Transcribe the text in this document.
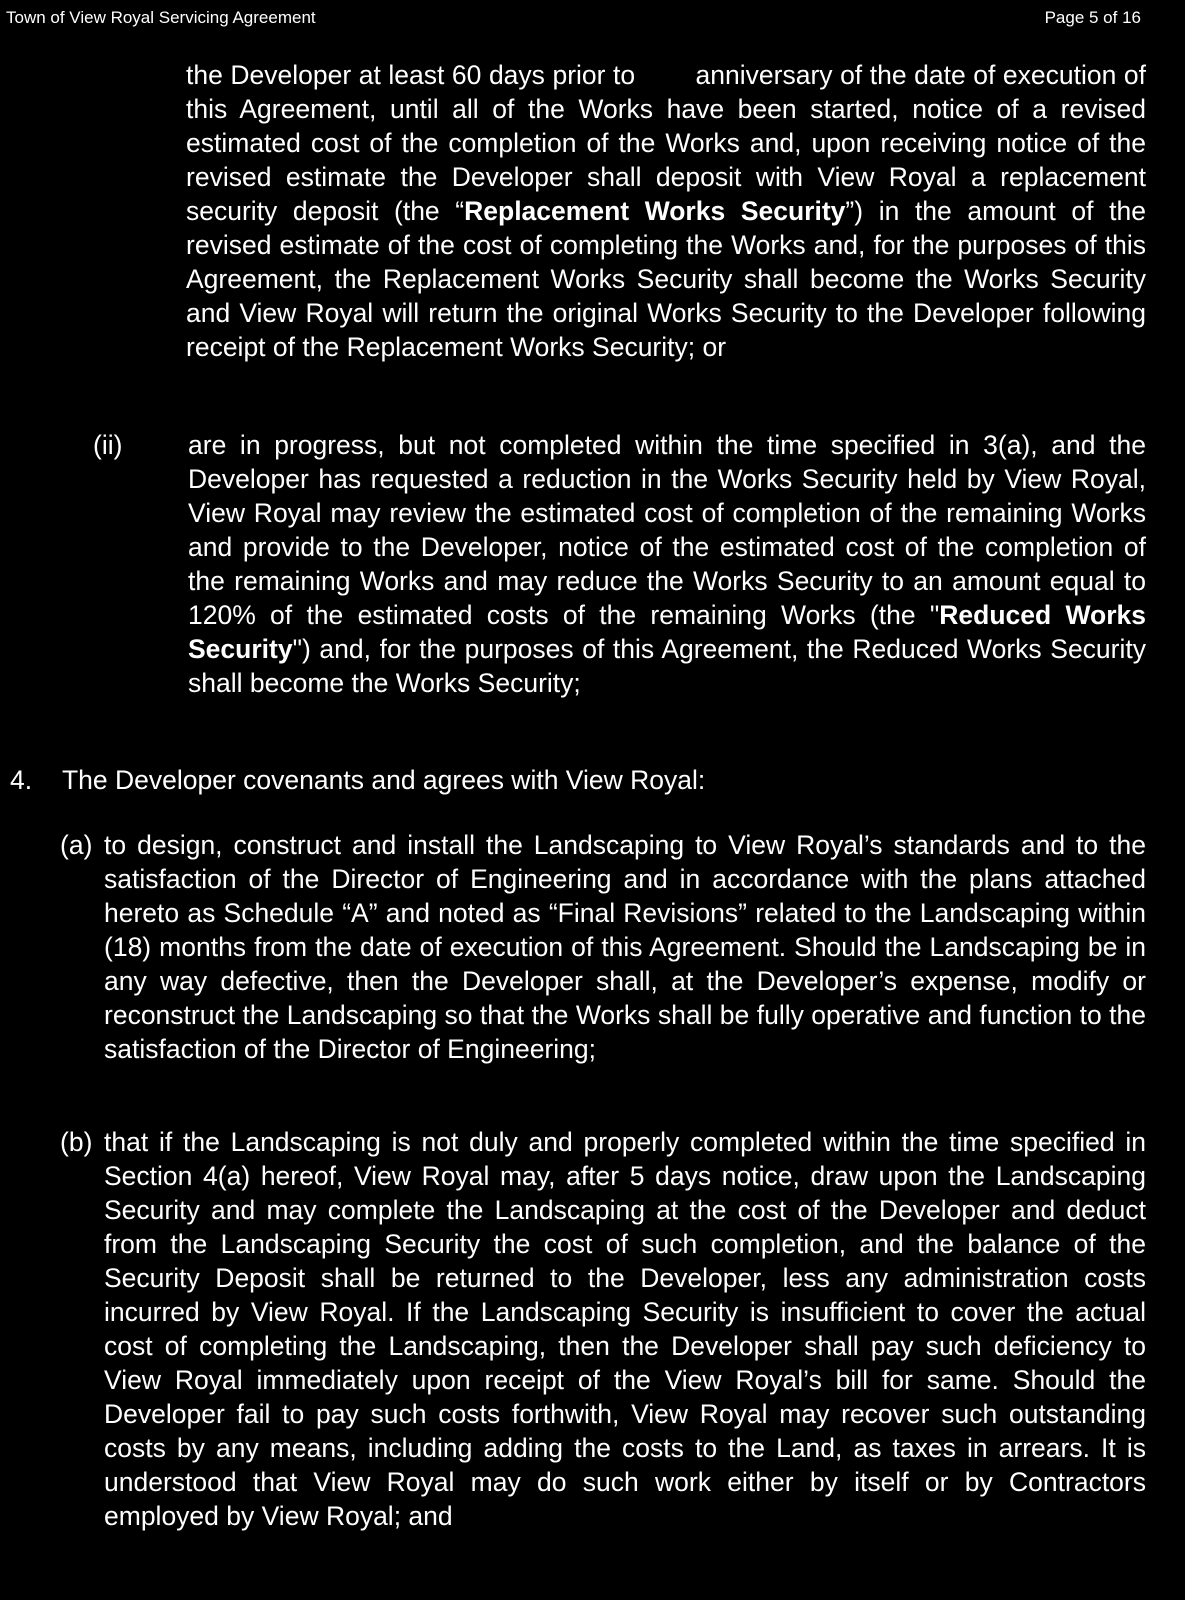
Town of View Royal Servicing Agreement	Page 5 of 16

the Developer at least 60 days prior to        anniversary of the date of execution of this Agreement, until all of the Works have been started, notice of a revised estimated cost of the completion of the Works and, upon receiving notice of the revised estimate the Developer shall deposit with View Royal a replacement security deposit (the “Replacement Works Security”) in the amount of the revised estimate of the cost of completing the Works and, for the purposes of this Agreement, the Replacement Works Security shall become the Works Security and View Royal will return the original Works Security to the Developer following receipt of the Replacement Works Security; or

(ii) are in progress, but not completed within the time specified in 3(a), and the Developer has requested a reduction in the Works Security held by View Royal, View Royal may review the estimated cost of completion of the remaining Works and provide to the Developer, notice of the estimated cost of the completion of the remaining Works and may reduce the Works Security to an amount equal to 120% of the estimated costs of the remaining Works (the "Reduced Works Security") and, for the purposes of this Agreement, the Reduced Works Security shall become the Works Security;

4. The Developer covenants and agrees with View Royal:

(a) to design, construct and install the Landscaping to View Royal’s standards and to the satisfaction of the Director of Engineering and in accordance with the plans attached hereto as Schedule “A” and noted as “Final Revisions” related to the Landscaping within (18) months from the date of execution of this Agreement. Should the Landscaping be in any way defective, then the Developer shall, at the Developer’s expense, modify or reconstruct the Landscaping so that the Works shall be fully operative and function to the satisfaction of the Director of Engineering;

(b) that if the Landscaping is not duly and properly completed within the time specified in Section 4(a) hereof, View Royal may, after 5 days notice, draw upon the Landscaping Security and may complete the Landscaping at the cost of the Developer and deduct from the Landscaping Security the cost of such completion, and the balance of the Security Deposit shall be returned to the Developer, less any administration costs incurred by View Royal. If the Landscaping Security is insufficient to cover the actual cost of completing the Landscaping, then the Developer shall pay such deficiency to View Royal immediately upon receipt of the View Royal’s bill for same. Should the Developer fail to pay such costs forthwith, View Royal may recover such outstanding costs by any means, including adding the costs to the Land, as taxes in arrears. It is understood that View Royal may do such work either by itself or by Contractors employed by View Royal; and
